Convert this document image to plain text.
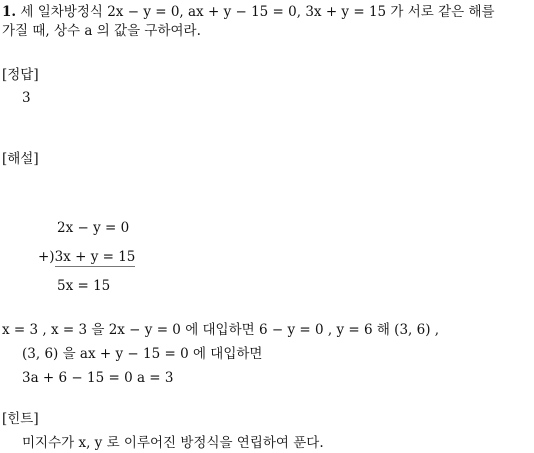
1. 세 일차방정식 2x − y = 0, ax + y − 15 = 0, 3x + y = 15 가 서로 같은 해를
가질 때, 상수 a 의 값을 구하여라.
[정답]
3
[해설]
2x − y = 0
+)3x + y = 15
5x = 15
x = 3 , x = 3 을 2x − y = 0 에 대입하면 6 − y = 0 , y = 6 해 (3, 6) ,
(3, 6) 을 ax + y − 15 = 0 에 대입하면
3a + 6 − 15 = 0 a = 3
[힌트]
미지수가 x, y 로 이루어진 방정식을 연립하여 푼다.
